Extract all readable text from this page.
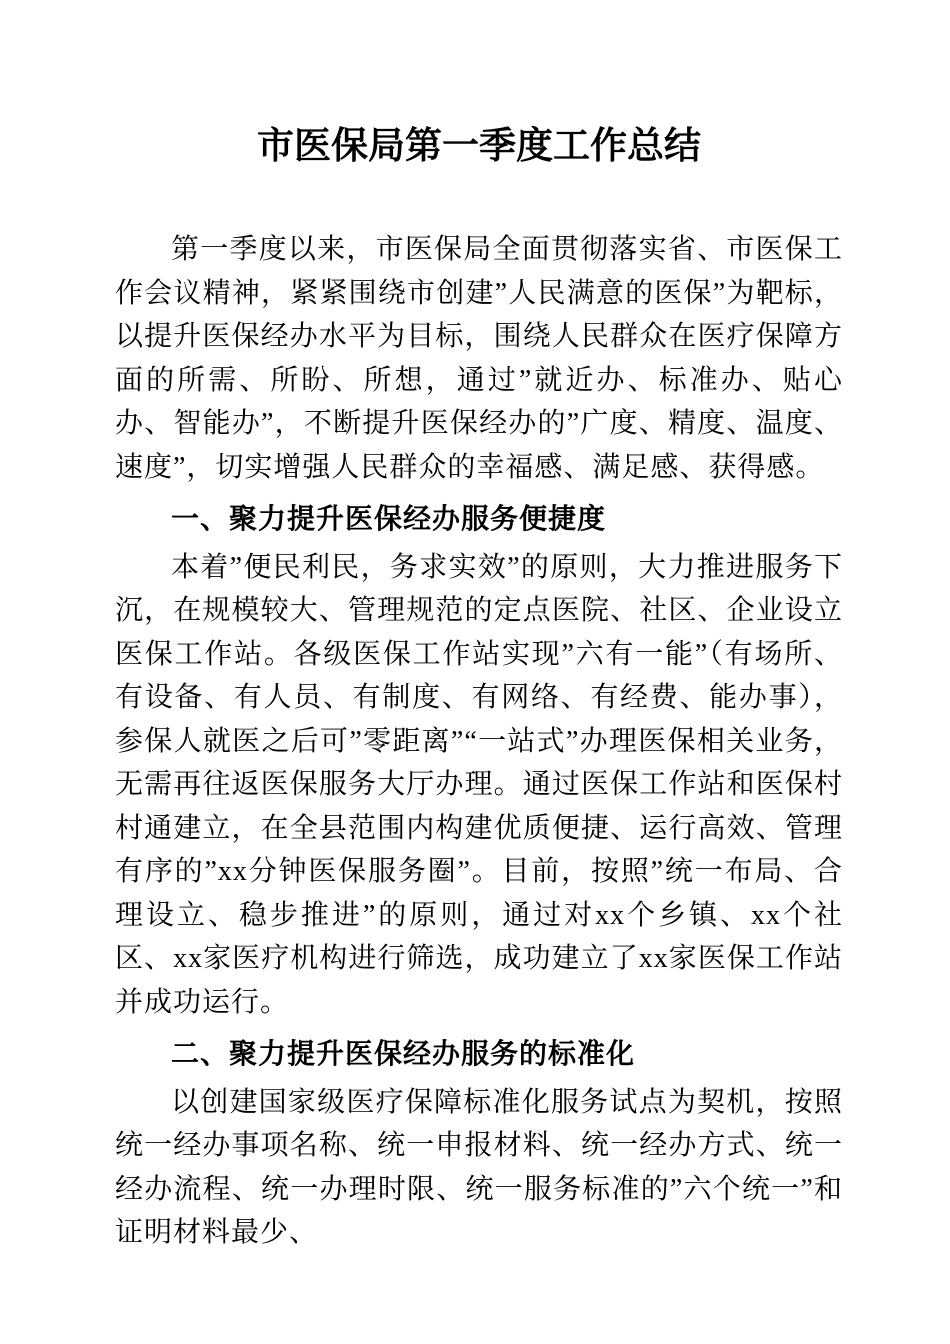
市医保局第一季度工作总结

第一季度以来，市医保局全面贯彻落实省、市医保工作会议精神，紧紧围绕市创建”人民满意的医保”为靶标，以提升医保经办水平为目标，围绕人民群众在医疗保障方面的所需、所盼、所想，通过”就近办、标准办、贴心办、智能办”，不断提升医保经办的”广度、精度、温度、速度”，切实增强人民群众的幸福感、满足感、获得感。

一、聚力提升医保经办服务便捷度

本着”便民利民，务求实效”的原则，大力推进服务下沉，在规模较大、管理规范的定点医院、社区、企业设立医保工作站。各级医保工作站实现”六有一能”（有场所、有设备、有人员、有制度、有网络、有经费、能办事），参保人就医之后可”零距离”“一站式”办理医保相关业务，无需再往返医保服务大厅办理。通过医保工作站和医保村村通建立，在全县范围内构建优质便捷、运行高效、管理有序的”xx分钟医保服务圈”。目前，按照”统一布局、合理设立、稳步推进”的原则，通过对xx个乡镇、xx个社区、xx家医疗机构进行筛选，成功建立了xx家医保工作站并成功运行。

二、聚力提升医保经办服务的标准化

以创建国家级医疗保障标准化服务试点为契机，按照统一经办事项名称、统一申报材料、统一经办方式、统一经办流程、统一办理时限、统一服务标准的”六个统一”和证明材料最少、
